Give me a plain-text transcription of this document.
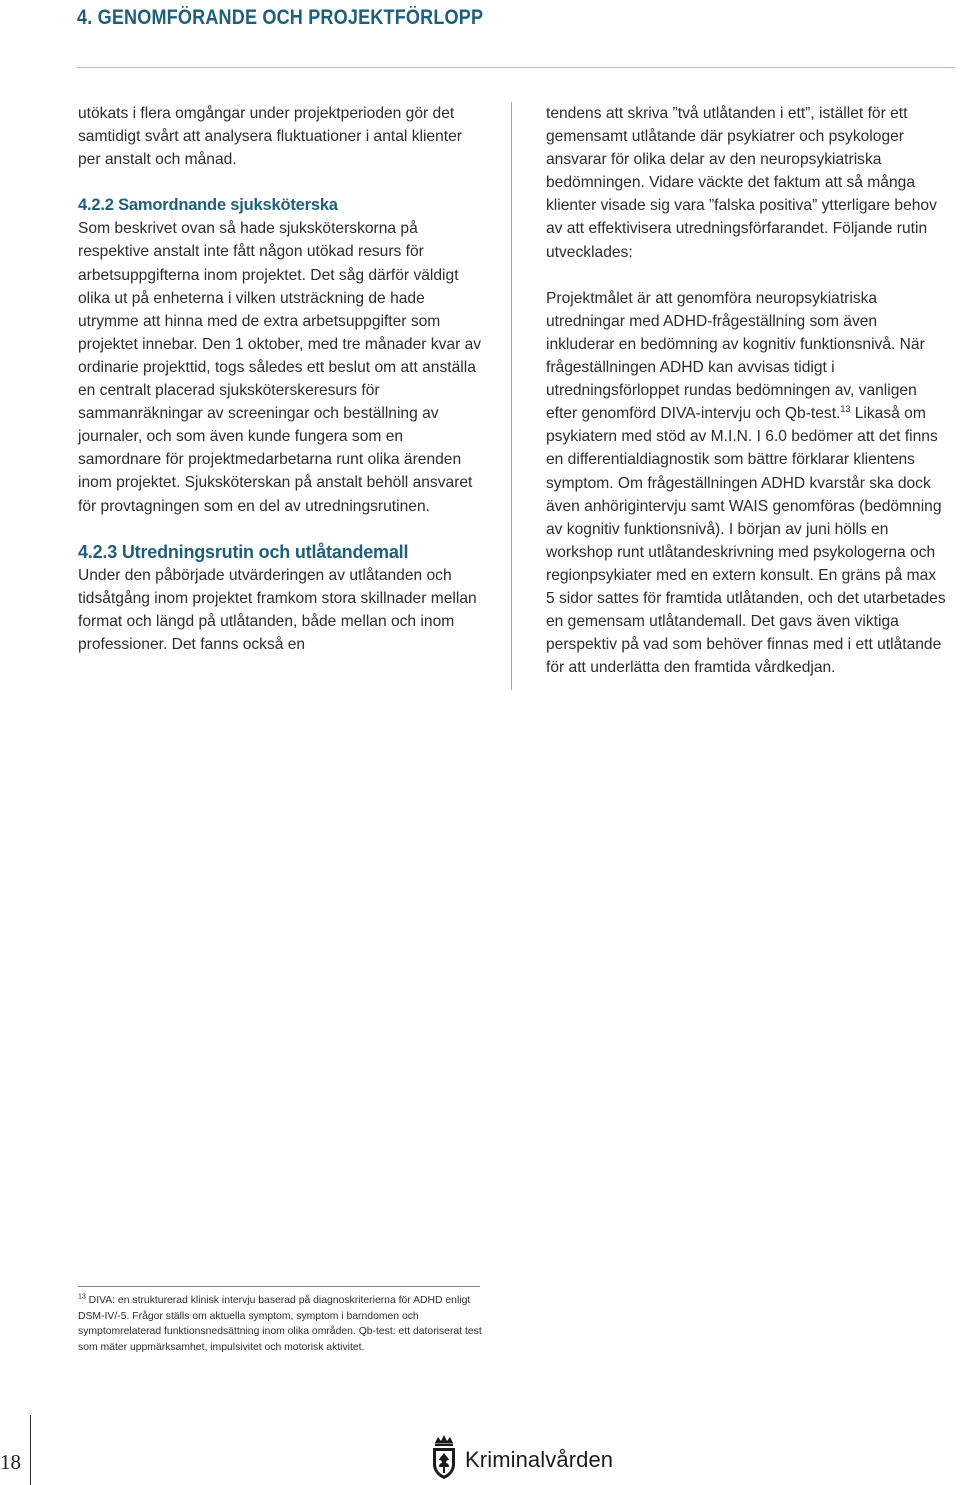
4. GENOMFÖRANDE OCH PROJEKTFÖRLOPP

utökats i flera omgångar under projektperioden gör det samtidigt svårt att analysera fluktuationer i antal klienter per anstalt och månad.

4.2.2 Samordnande sjuksköterska

Som beskrivet ovan så hade sjuksköterskorna på respektive anstalt inte fått någon utökad resurs för arbetsuppgifterna inom projektet. Det såg därför väldigt olika ut på enheterna i vilken utsträckning de hade utrymme att hinna med de extra arbetsuppgifter som projektet innebar. Den 1 oktober, med tre månader kvar av ordinarie projekttid, togs således ett beslut om att anställa en centralt placerad sjuksköterskeresurs för sammanräkningar av screeningar och beställning av journaler, och som även kunde fungera som en samordnare för projektmedarbetarna runt olika ärenden inom projektet. Sjuksköterskan på anstalt behöll ansvaret för provtagningen som en del av utredningsrutinen.

4.2.3 Utredningsrutin och utlåtandemall

Under den påbörjade utvärderingen av utlåtanden och tidsåtgång inom projektet framkom stora skillnader mellan format och längd på utlåtanden, både mellan och inom professioner. Det fanns också en

tendens att skriva ”två utlåtanden i ett”, istället för ett gemensamt utlåtande där psykiatrer och psykologer ansvarar för olika delar av den neuropsykiatriska bedömningen. Vidare väckte det faktum att så många klienter visade sig vara ”falska positiva” ytterligare behov av att effektivisera utredningsförfarandet. Följande rutin utvecklades:

Projektmålet är att genomföra neuropsykiatriska utredningar med ADHD-frågeställning som även inkluderar en bedömning av kognitiv funktionsnivå. När frågeställningen ADHD kan avvisas tidigt i utredningsförloppet rundas bedömningen av, vanligen efter genomförd DIVA-intervju och Qb-test.$^{13}$ Likaså om psykiatern med stöd av M.I.N. I 6.0 bedömer att det finns en differentialdiagnostik som bättre förklarar klientens symptom. Om frågeställningen ADHD kvarstår ska dock även anhörigintervju samt WAIS genomföras (bedömning av kognitiv funktionsnivå). I början av juni hölls en workshop runt utlåtandeskrivning med psykologerna och regionpsykiater med en extern konsult. En gräns på max 5 sidor sattes för framtida utlåtanden, och det utarbetades en gemensam utlåtandemall. Det gavs även viktiga perspektiv på vad som behöver finnas med i ett utlåtande för att underlätta den framtida vårdkedjan.

$^{13}$ DIVA: en strukturerad klinisk intervju baserad på diagnoskriterierna för ADHD enligt DSM-IV/-5. Frågor ställs om aktuella symptom, symptom i barndomen och symptomrelaterad funktionsnedsättning inom olika områden. Qb-test: ett datoriserat test som mäter uppmärksamhet, impulsivitet och motorisk aktivitet.
18	Kriminalvården
